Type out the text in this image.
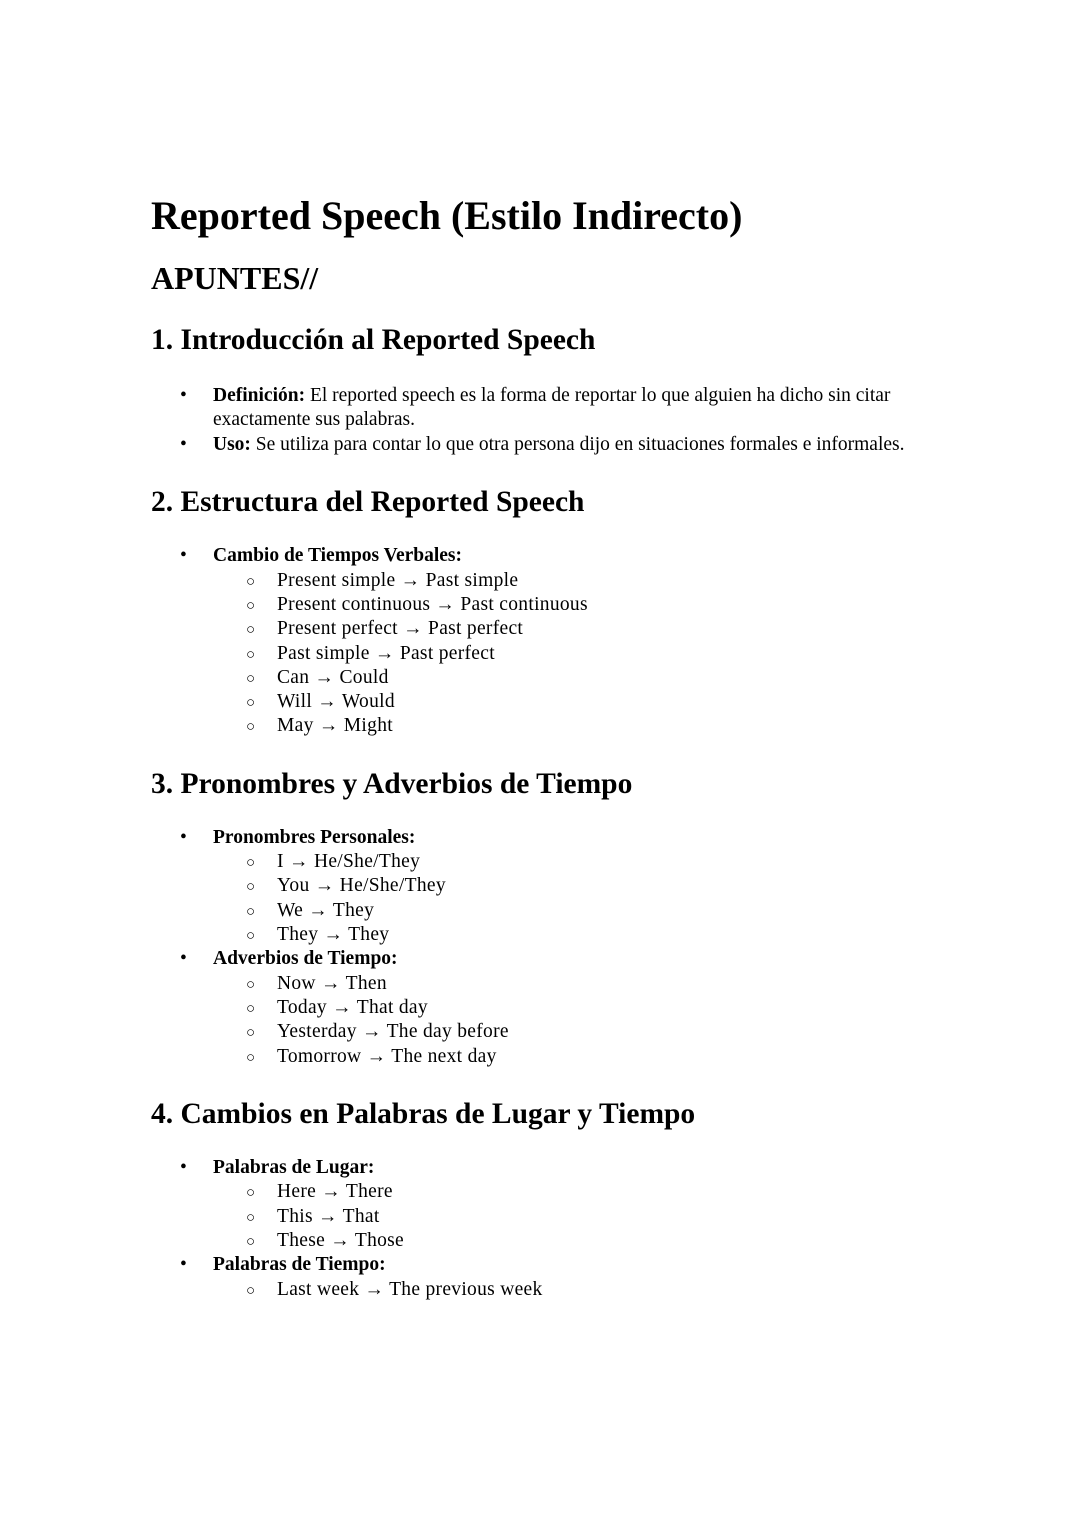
Reported Speech (Estilo Indirecto)
APUNTES//
1. Introducción al Reported Speech
• Definición: El reported speech es la forma de reportar lo que alguien ha dicho sin citar exactamente sus palabras.
• Uso: Se utiliza para contar lo que otra persona dijo en situaciones formales e informales.
2. Estructura del Reported Speech
• Cambio de Tiempos Verbales:
○ Present simple → Past simple
○ Present continuous → Past continuous
○ Present perfect → Past perfect
○ Past simple → Past perfect
○ Can → Could
○ Will → Would
○ May → Might
3. Pronombres y Adverbios de Tiempo
• Pronombres Personales:
○ I → He/She/They
○ You → He/She/They
○ We → They
○ They → They
• Adverbios de Tiempo:
○ Now → Then
○ Today → That day
○ Yesterday → The day before
○ Tomorrow → The next day
4. Cambios en Palabras de Lugar y Tiempo
• Palabras de Lugar:
○ Here → There
○ This → That
○ These → Those
• Palabras de Tiempo:
○ Last week → The previous week
